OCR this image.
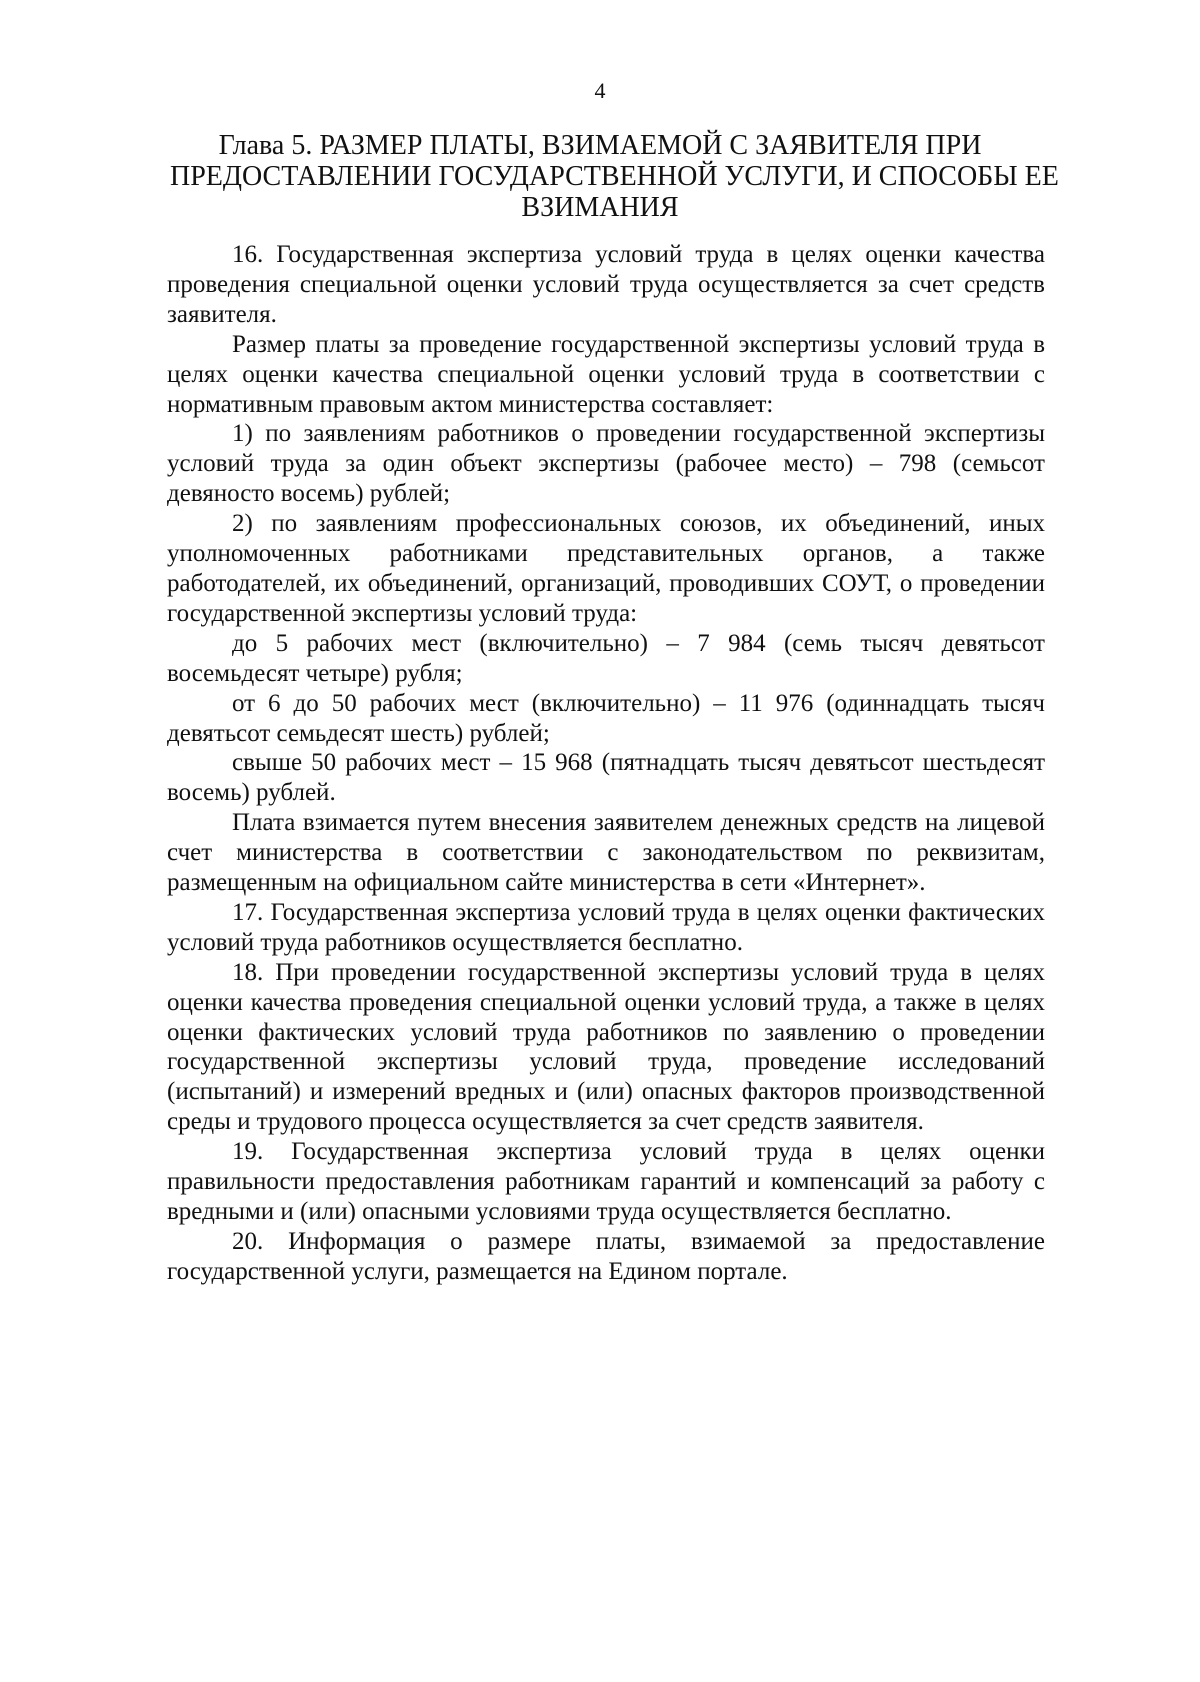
4
Глава 5. РАЗМЕР ПЛАТЫ, ВЗИМАЕМОЙ С ЗАЯВИТЕЛЯ ПРИ
ПРЕДОСТАВЛЕНИИ ГОСУДАРСТВЕННОЙ УСЛУГИ, И СПОСОБЫ ЕЕ
ВЗИМАНИЯ

16. Государственная экспертиза условий труда в целях оценки качества проведения специальной оценки условий труда осуществляется за счет средств заявителя.

Размер платы за проведение государственной экспертизы условий труда в целях оценки качества специальной оценки условий труда в соответствии с нормативным правовым актом министерства составляет:

1) по заявлениям работников о проведении государственной экспертизы условий труда за один объект экспертизы (рабочее место) – 798 (семьсот девяносто восемь) рублей;

2) по заявлениям профессиональных союзов, их объединений, иных уполномоченных работниками представительных органов, а также работодателей, их объединений, организаций, проводивших СОУТ, о проведении государственной экспертизы условий труда:

до 5 рабочих мест (включительно) – 7 984 (семь тысяч девятьсот восемьдесят четыре) рубля;

от 6 до 50 рабочих мест (включительно) – 11 976 (одиннадцать тысяч девятьсот семьдесят шесть) рублей;

свыше 50 рабочих мест – 15 968 (пятнадцать тысяч девятьсот шестьдесят восемь) рублей.

Плата взимается путем внесения заявителем денежных средств на лицевой счет министерства в соответствии с законодательством по реквизитам, размещенным на официальном сайте министерства в сети «Интернет».

17. Государственная экспертиза условий труда в целях оценки фактических условий труда работников осуществляется бесплатно.

18. При проведении государственной экспертизы условий труда в целях оценки качества проведения специальной оценки условий труда, а также в целях оценки фактических условий труда работников по заявлению о проведении государственной экспертизы условий труда, проведение исследований (испытаний) и измерений вредных и (или) опасных факторов производственной среды и трудового процесса осуществляется за счет средств заявителя.

19. Государственная экспертиза условий труда в целях оценки правильности предоставления работникам гарантий и компенсаций за работу с вредными и (или) опасными условиями труда осуществляется бесплатно.

20. Информация о размере платы, взимаемой за предоставление государственной услуги, размещается на Едином портале.
